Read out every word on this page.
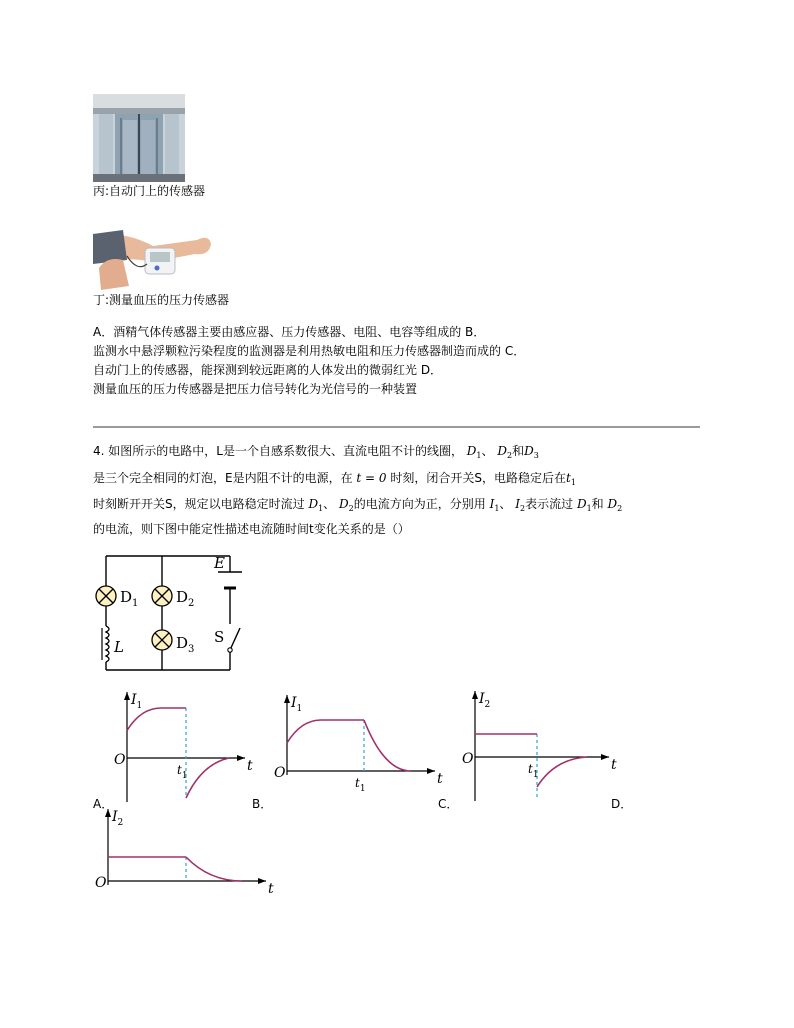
丙:自动门上的传感器
丁:测量血压的压力传感器
A．酒精气体传感器主要由感应器、压力传感器、电阻、电容等组成的 B．
监测水中悬浮颗粒污染程度的监测器是利用热敏电阻和压力传感器制造而成的 C．
自动门上的传感器，能探测到较远距离的人体发出的微弱红光 D．
测量血压的压力传感器是把压力信号转化为光信号的一种装置
4. 如图所示的电路中，L是一个自感系数很大、直流电阻不计的线圈， $D_1$、 $D_2$和$D_3$
是三个完全相同的灯泡，E是内阻不计的电源，在 t = 0 时刻，闭合开关S，电路稳定后在$t_1$
时刻断开开关S，规定以电路稳定时流过 $D_1$、 $D_2$的电流方向为正，分别用 $I_1$、 $I_2$表示流过 $D_1$和 $D_2$
的电流，则下图中能定性描述电流随时间t变化关系的是（）
$D_1$	$D_2$
$D_3$
L
E
S
O	t
$I_1$
$t_1$	O	t
$I_1$
$t_1$
O	t
$I_2$
$t_1$
O	t
$I_2$
A．	B．	C．	D．
